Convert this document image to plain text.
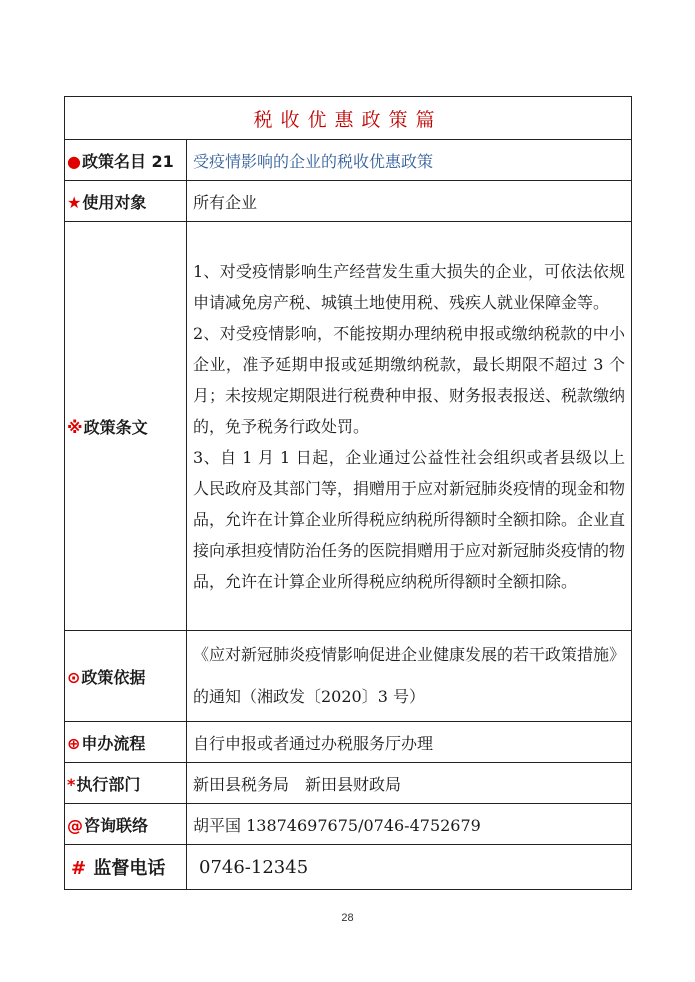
税收优惠政策篇	
●政策名目 21	受疫情影响的企业的税收优惠政策
★使用对象	所有企业
※政策条文	1、对受疫情影响生产经营发生重大损失的企业，可依法依规申请减免房产税、城镇土地使用税、残疾人就业保障金等。

2、对受疫情影响，不能按期办理纳税申报或缴纳税款的中小企业，准予延期申报或延期缴纳税款，最长期限不超过 3 个月；未按规定期限进行税费种申报、财务报表报送、税款缴纳的，免予税务行政处罚。

3、自 1 月 1 日起，企业通过公益性社会组织或者县级以上人民政府及其部门等，捐赠用于应对新冠肺炎疫情的现金和物品，允许在计算企业所得税应纳税所得额时全额扣除。企业直接向承担疫情防治任务的医院捐赠用于应对新冠肺炎疫情的物品，允许在计算企业所得税应纳税所得额时全额扣除。

⊙政策依据	《应对新冠肺炎疫情影响促进企业健康发展的若干政策措施》的通知（湘政发〔2020〕3 号）

⊕申办流程	自行申报或者通过办税服务厅办理
*执行部门	新田县税务局　新田县财政局
@咨询联络	胡平国 13874697675/0746-4752679
# 监督电话	0746-12345
28
